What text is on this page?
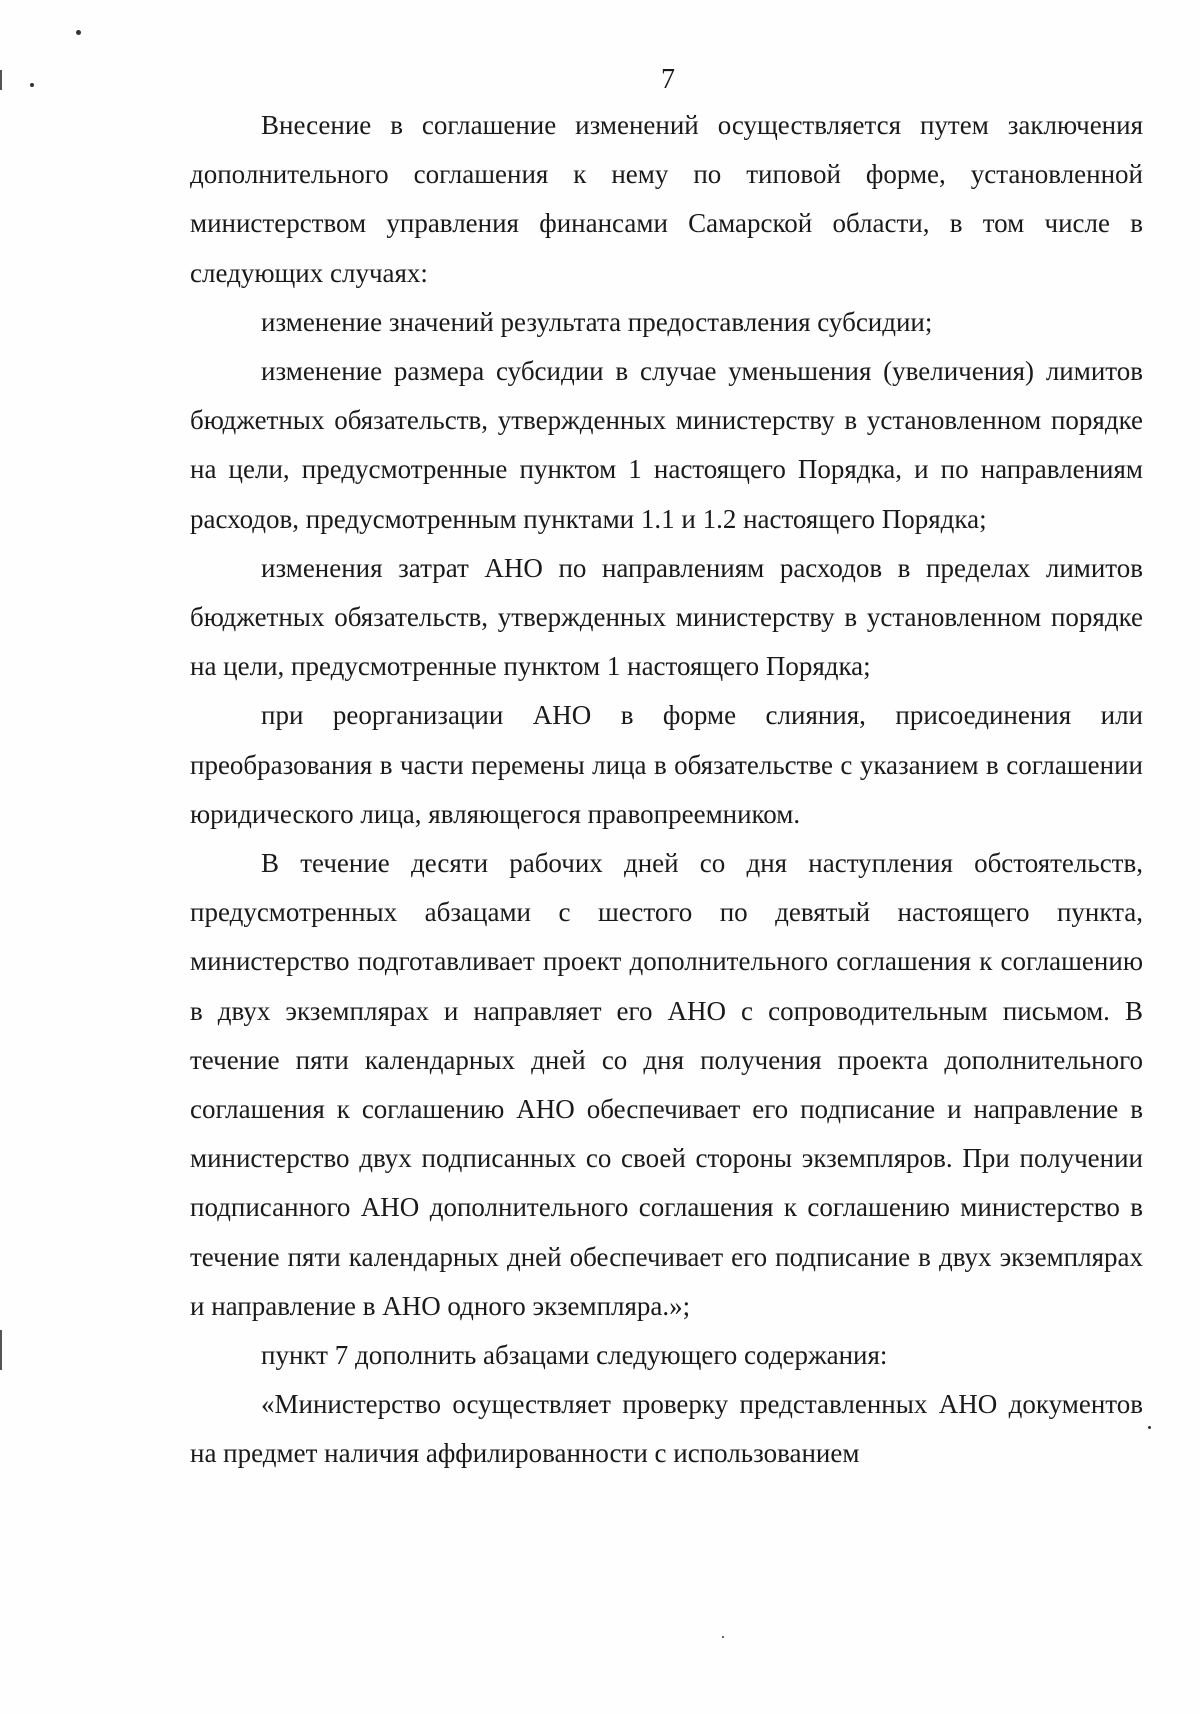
7

Внесение в соглашение изменений осуществляется путем заключения дополнительного соглашения к нему по типовой форме, установленной министерством управления финансами Самарской области, в том числе в следующих случаях:

изменение значений результата предоставления субсидии;

изменение размера субсидии в случае уменьшения (увеличения) лимитов бюджетных обязательств, утвержденных министерству в установленном порядке на цели, предусмотренные пунктом 1 настоящего Порядка, и по направлениям расходов, предусмотренным пунктами 1.1 и 1.2 настоящего Порядка;

изменения затрат АНО по направлениям расходов в пределах лимитов бюджетных обязательств, утвержденных министерству в установленном порядке на цели, предусмотренные пунктом 1 настоящего Порядка;

при реорганизации АНО в форме слияния, присоединения или преобразования в части перемены лица в обязательстве с указанием в соглашении юридического лица, являющегося правопреемником.

В течение десяти рабочих дней со дня наступления обстоятельств, предусмотренных абзацами с шестого по девятый настоящего пункта, министерство подготавливает проект дополнительного соглашения к соглашению в двух экземплярах и направляет его АНО с сопроводительным письмом. В течение пяти календарных дней со дня получения проекта дополнительного соглашения к соглашению АНО обеспечивает его подписание и направление в министерство двух подписанных со своей стороны экземпляров. При получении подписанного АНО дополнительного соглашения к соглашению министерство в течение пяти календарных дней обеспечивает его подписание в двух экземплярах и направление в АНО одного экземпляра.»;

пункт 7 дополнить абзацами следующего содержания:

«Министерство осуществляет проверку представленных АНО документов на предмет наличия аффилированности с использованием
